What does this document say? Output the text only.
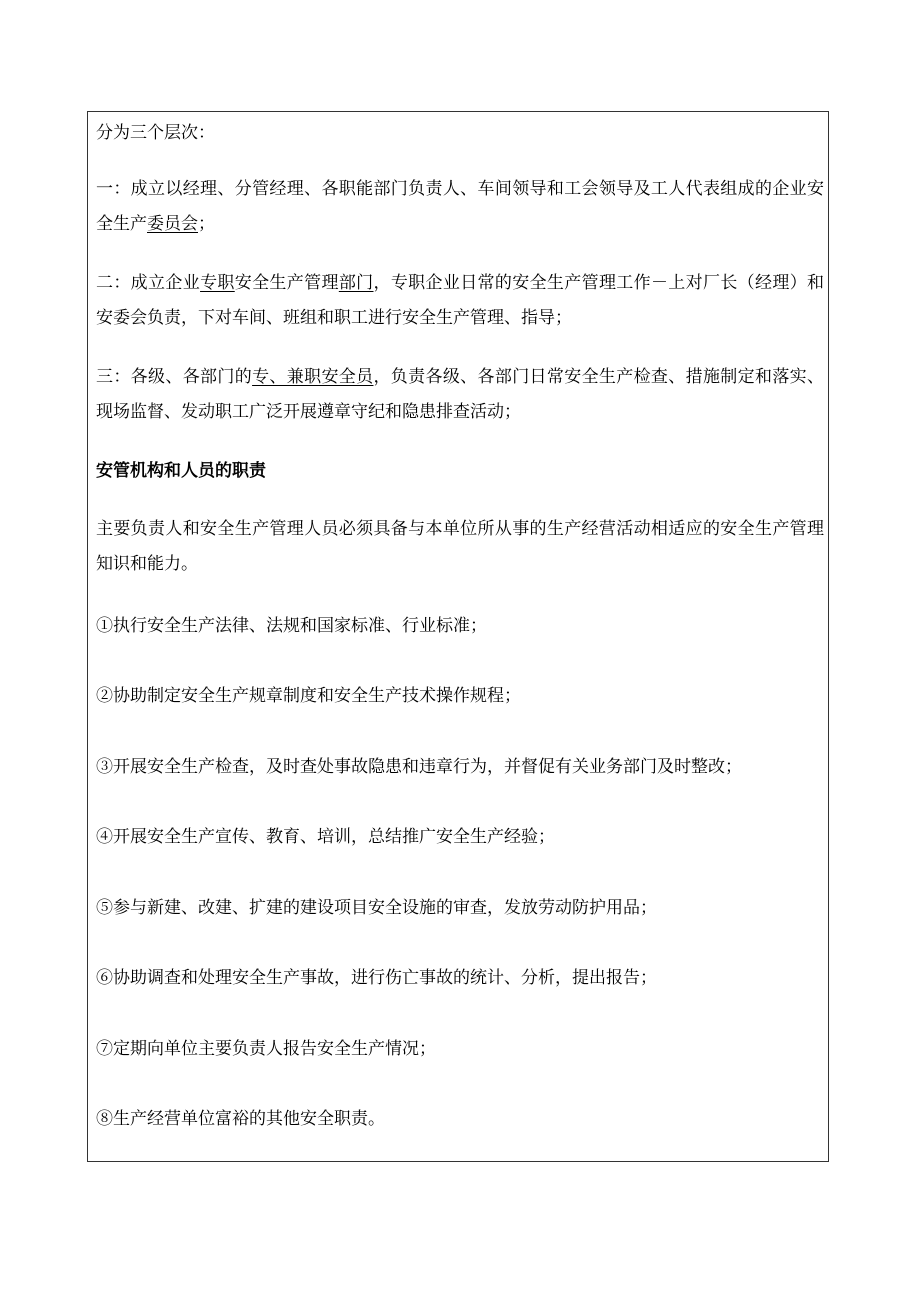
分为三个层次：

一：成立以经理、分管经理、各职能部门负责人、车间领导和工会领导及工人代表组成的企业安全生产委员会；

二：成立企业专职安全生产管理部门，专职企业日常的安全生产管理工作－上对厂长（经理）和安委会负责，下对车间、班组和职工进行安全生产管理、指导；

三：各级、各部门的专、兼职安全员，负责各级、各部门日常安全生产检查、措施制定和落实、现场监督、发动职工广泛开展遵章守纪和隐患排查活动；

安管机构和人员的职责

主要负责人和安全生产管理人员必须具备与本单位所从事的生产经营活动相适应的安全生产管理知识和能力。

①执行安全生产法律、法规和国家标准、行业标准；

②协助制定安全生产规章制度和安全生产技术操作规程；

③开展安全生产检查，及时查处事故隐患和违章行为，并督促有关业务部门及时整改；

④开展安全生产宣传、教育、培训，总结推广安全生产经验；

⑤参与新建、改建、扩建的建设项目安全设施的审查，发放劳动防护用品；

⑥协助调查和处理安全生产事故，进行伤亡事故的统计、分析，提出报告；

⑦定期向单位主要负责人报告安全生产情况；

⑧生产经营单位富裕的其他安全职责。
